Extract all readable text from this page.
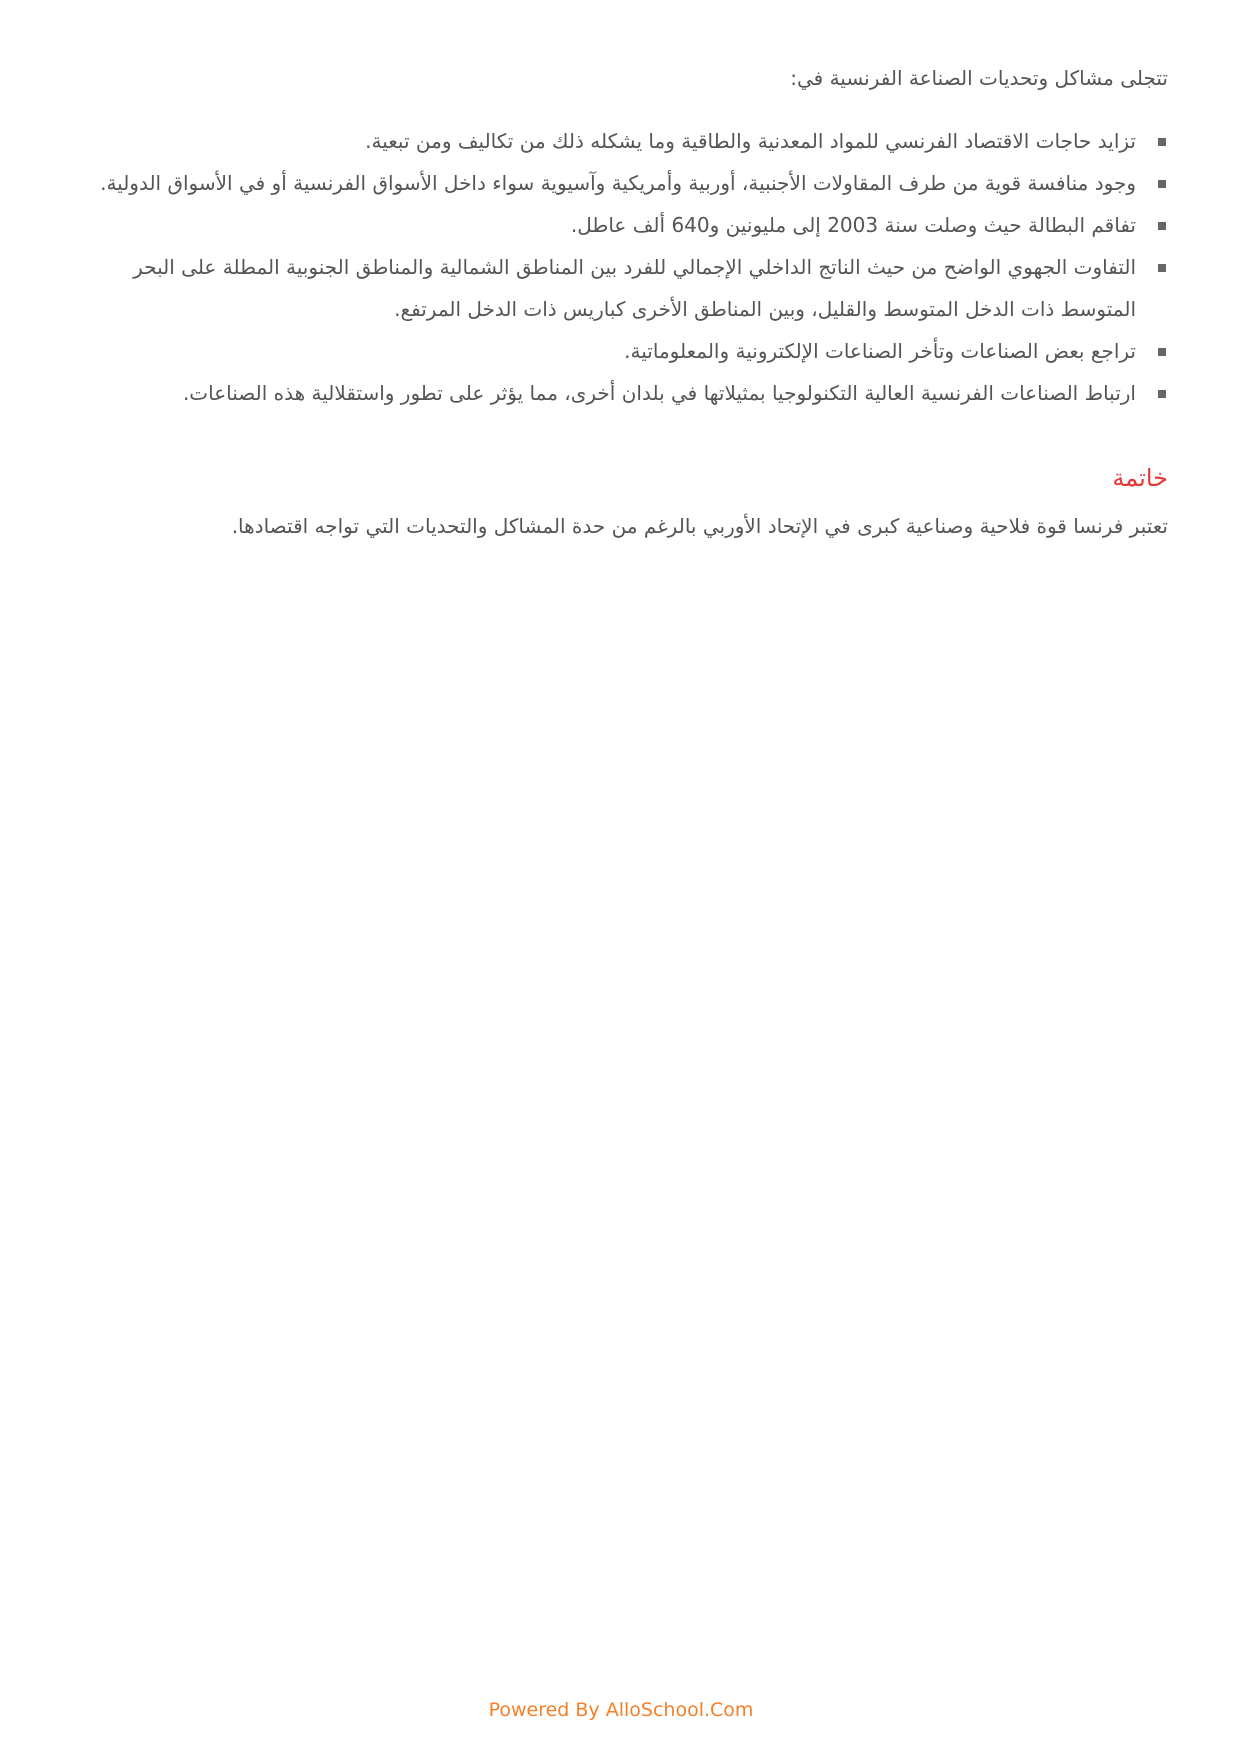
تتجلى مشاكل وتحديات الصناعة الفرنسية في:

تزايد حاجات الاقتصاد الفرنسي للمواد المعدنية والطاقية وما يشكله ذلك من تكاليف ومن تبعية.
وجود منافسة قوية من طرف المقاولات الأجنبية، أوربية وأمريكية وآسيوية سواء داخل الأسواق الفرنسية أو في الأسواق الدولية.
تفاقم البطالة حيث وصلت سنة 2003 إلى مليونين و640 ألف عاطل.
التفاوت الجهوي الواضح من حيث الناتج الداخلي الإجمالي للفرد بين المناطق الشمالية والمناطق الجنوبية المطلة على البحر المتوسط ذات الدخل المتوسط والقليل، وبين المناطق الأخرى كباريس ذات الدخل المرتفع.
تراجع بعض الصناعات وتأخر الصناعات الإلكترونية والمعلوماتية.
ارتباط الصناعات الفرنسية العالية التكنولوجيا بمثيلاتها في بلدان أخرى، مما يؤثر على تطور واستقلالية هذه الصناعات.
خاتمة

تعتبر فرنسا قوة فلاحية وصناعية كبرى في الإتحاد الأوربي بالرغم من حدة المشاكل والتحديات التي تواجه اقتصادها.

Powered By AlloSchool.Com
